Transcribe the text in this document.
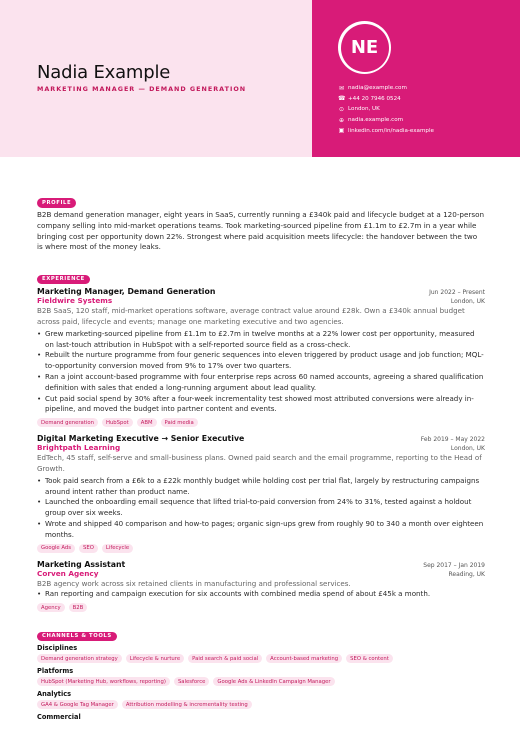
Nadia Example
MARKETING MANAGER — DEMAND GENERATION
NE
✉ nadia@example.com
☎ +44 20 7946 0524
⊙ London, UK
⊕ nadia.example.com
▣ linkedin.com/in/nadia-example
PROFILE
B2B demand generation manager, eight years in SaaS, currently running a £340k paid and lifecycle budget at a 120-person company selling into mid-market operations teams. Took marketing-sourced pipeline from £1.1m to £2.7m in a year while bringing cost per opportunity down 22%. Strongest where paid acquisition meets lifecycle: the handover between the two is where most of the money leaks.
EXPERIENCE
Marketing Manager, Demand Generation	Jun 2022 – Present
Fieldwire Systems	London, UK
B2B SaaS, 120 staff, mid-market operations software, average contract value around £28k. Own a £340k annual budget across paid, lifecycle and events; manage one marketing executive and two agencies.
• Grew marketing-sourced pipeline from £1.1m to £2.7m in twelve months at a 22% lower cost per opportunity, measured on last-touch attribution in HubSpot with a self-reported source field as a cross-check.
• Rebuilt the nurture programme from four generic sequences into eleven triggered by product usage and job function; MQL-to-opportunity conversion moved from 9% to 17% over two quarters.
• Ran a joint account-based programme with four enterprise reps across 60 named accounts, agreeing a shared qualification definition with sales that ended a long-running argument about lead quality.
• Cut paid social spend by 30% after a four-week incrementality test showed most attributed conversions were already in-pipeline, and moved the budget into partner content and events.
Demand generation	HubSpot	ABM	Paid media
Digital Marketing Executive → Senior Executive	Feb 2019 – May 2022
Brightpath Learning	London, UK
EdTech, 45 staff, self-serve and small-business plans. Owned paid search and the email programme, reporting to the Head of Growth.
• Took paid search from a £6k to a £22k monthly budget while holding cost per trial flat, largely by restructuring campaigns around intent rather than product name.
• Launched the onboarding email sequence that lifted trial-to-paid conversion from 24% to 31%, tested against a holdout group over six weeks.
• Wrote and shipped 40 comparison and how-to pages; organic sign-ups grew from roughly 90 to 340 a month over eighteen months.
Google Ads	SEO	Lifecycle
Marketing Assistant	Sep 2017 – Jan 2019
Corven Agency	Reading, UK
B2B agency work across six retained clients in manufacturing and professional services.
• Ran reporting and campaign execution for six accounts with combined media spend of about £45k a month.
Agency	B2B
CHANNELS & TOOLS
Disciplines
Demand generation strategy	Lifecycle & nurture	Paid search & paid social	Account-based marketing	SEO & content
Platforms
HubSpot (Marketing Hub, workflows, reporting)	Salesforce	Google Ads & LinkedIn Campaign Manager
Analytics
GA4 & Google Tag Manager	Attribution modelling & incrementality testing
Commercial
